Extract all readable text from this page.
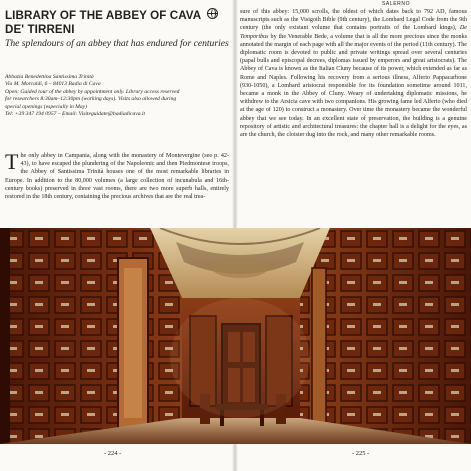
LIBRARY OF THE ABBEY OF CAVA
DE' TIRRENI
The splendours of an abbey that has endured for centuries
Abbazia Benedettina Santissima Trinità
Via M. Morcaldi, 6 – 84013 Badia di Cava
Open: Guided tour of the abbey by appointment only. Library access reserved
for researchers 8:30am–12:30pm (working days). Visits also allowed during
special openings (especially in May)
Tel: +39 347 194 0957 – Email: Visiteguidate@badiadicava.it
The only abbey in Campania, along with the monastery of Montevergine (see p. 42-43), to have escaped the plundering of the Napoleonic and then Piedmontese troops, the Abbey of Santissima Trinità houses one of the most remarkable libraries in Europe. In addition to the 80,000 volumes (a large collection of incunabula and 16th-century books) preserved in three vast rooms, there are two more superb halls, entirely restored in the 18th century, containing the precious archives that are the real trea-
SALERNO
sure of this abbey: 15,000 scrolls, the oldest of which dates back to 792 AD, famous manuscripts such as the Visigoth Bible (9th century), the Lombard Legal Code from the 9th century (the only existant volume that contains portraits of the Lombard kings), De Temporibus by the Venerable Bede, a volume that is all the more precious since the monks annotated the margin of each page with all the major events of the period (11th century). The diplomatic room is devoted to public and private writings spread over several centuries (papal bulls and episcopal decrees, diplomas issued by emperors and great aristocrats). The Abbey of Cava is known as the Italian Cluny because of its power, which extended as far as Rome and Naples. Following his recovery from a serious illness, Alferio Pappacarbone (930-1050), a Lombard aristocrat responsible for its foundation sometime around 1011, became a monk in the Abbey of Cluny. Weary of undertaking diplomatic missions, he withdrew to the Arsicia cave with two companions. His growing fame led Alferio (who died at the age of 120) to construct a monastery. Over time the monastery became the wonderful abbey that we see today. In an excellent state of preservation, the building is a genuine repository of artistic and architectural treasures: the chapter hall is a delight for the eyes, as are the church, the cloister dug into the rock, and many other remarkable rooms.
- 224 -	- 225 -
